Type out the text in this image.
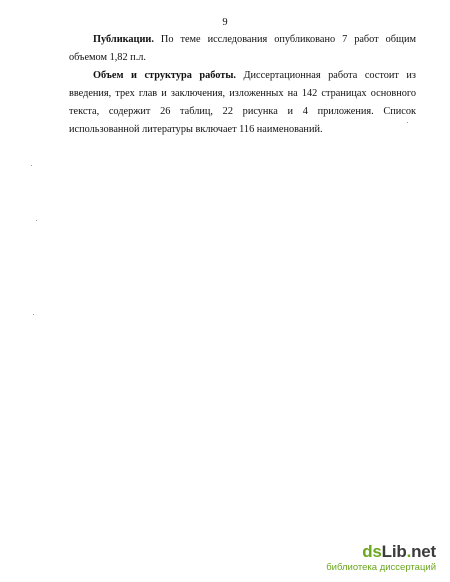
9

Публикации. По теме исследования опубликовано 7 работ общим объемом 1,82 п.л.

Объем и структура работы. Диссертационная работа состоит из введения, трех глав и заключения, изложенных на 142 страницах основного текста, содержит 26 таблиц, 22 рисунка и 4 приложения. Список использованной литературы включает 116 наименований.

dsLib.net
библиотека диссертаций
